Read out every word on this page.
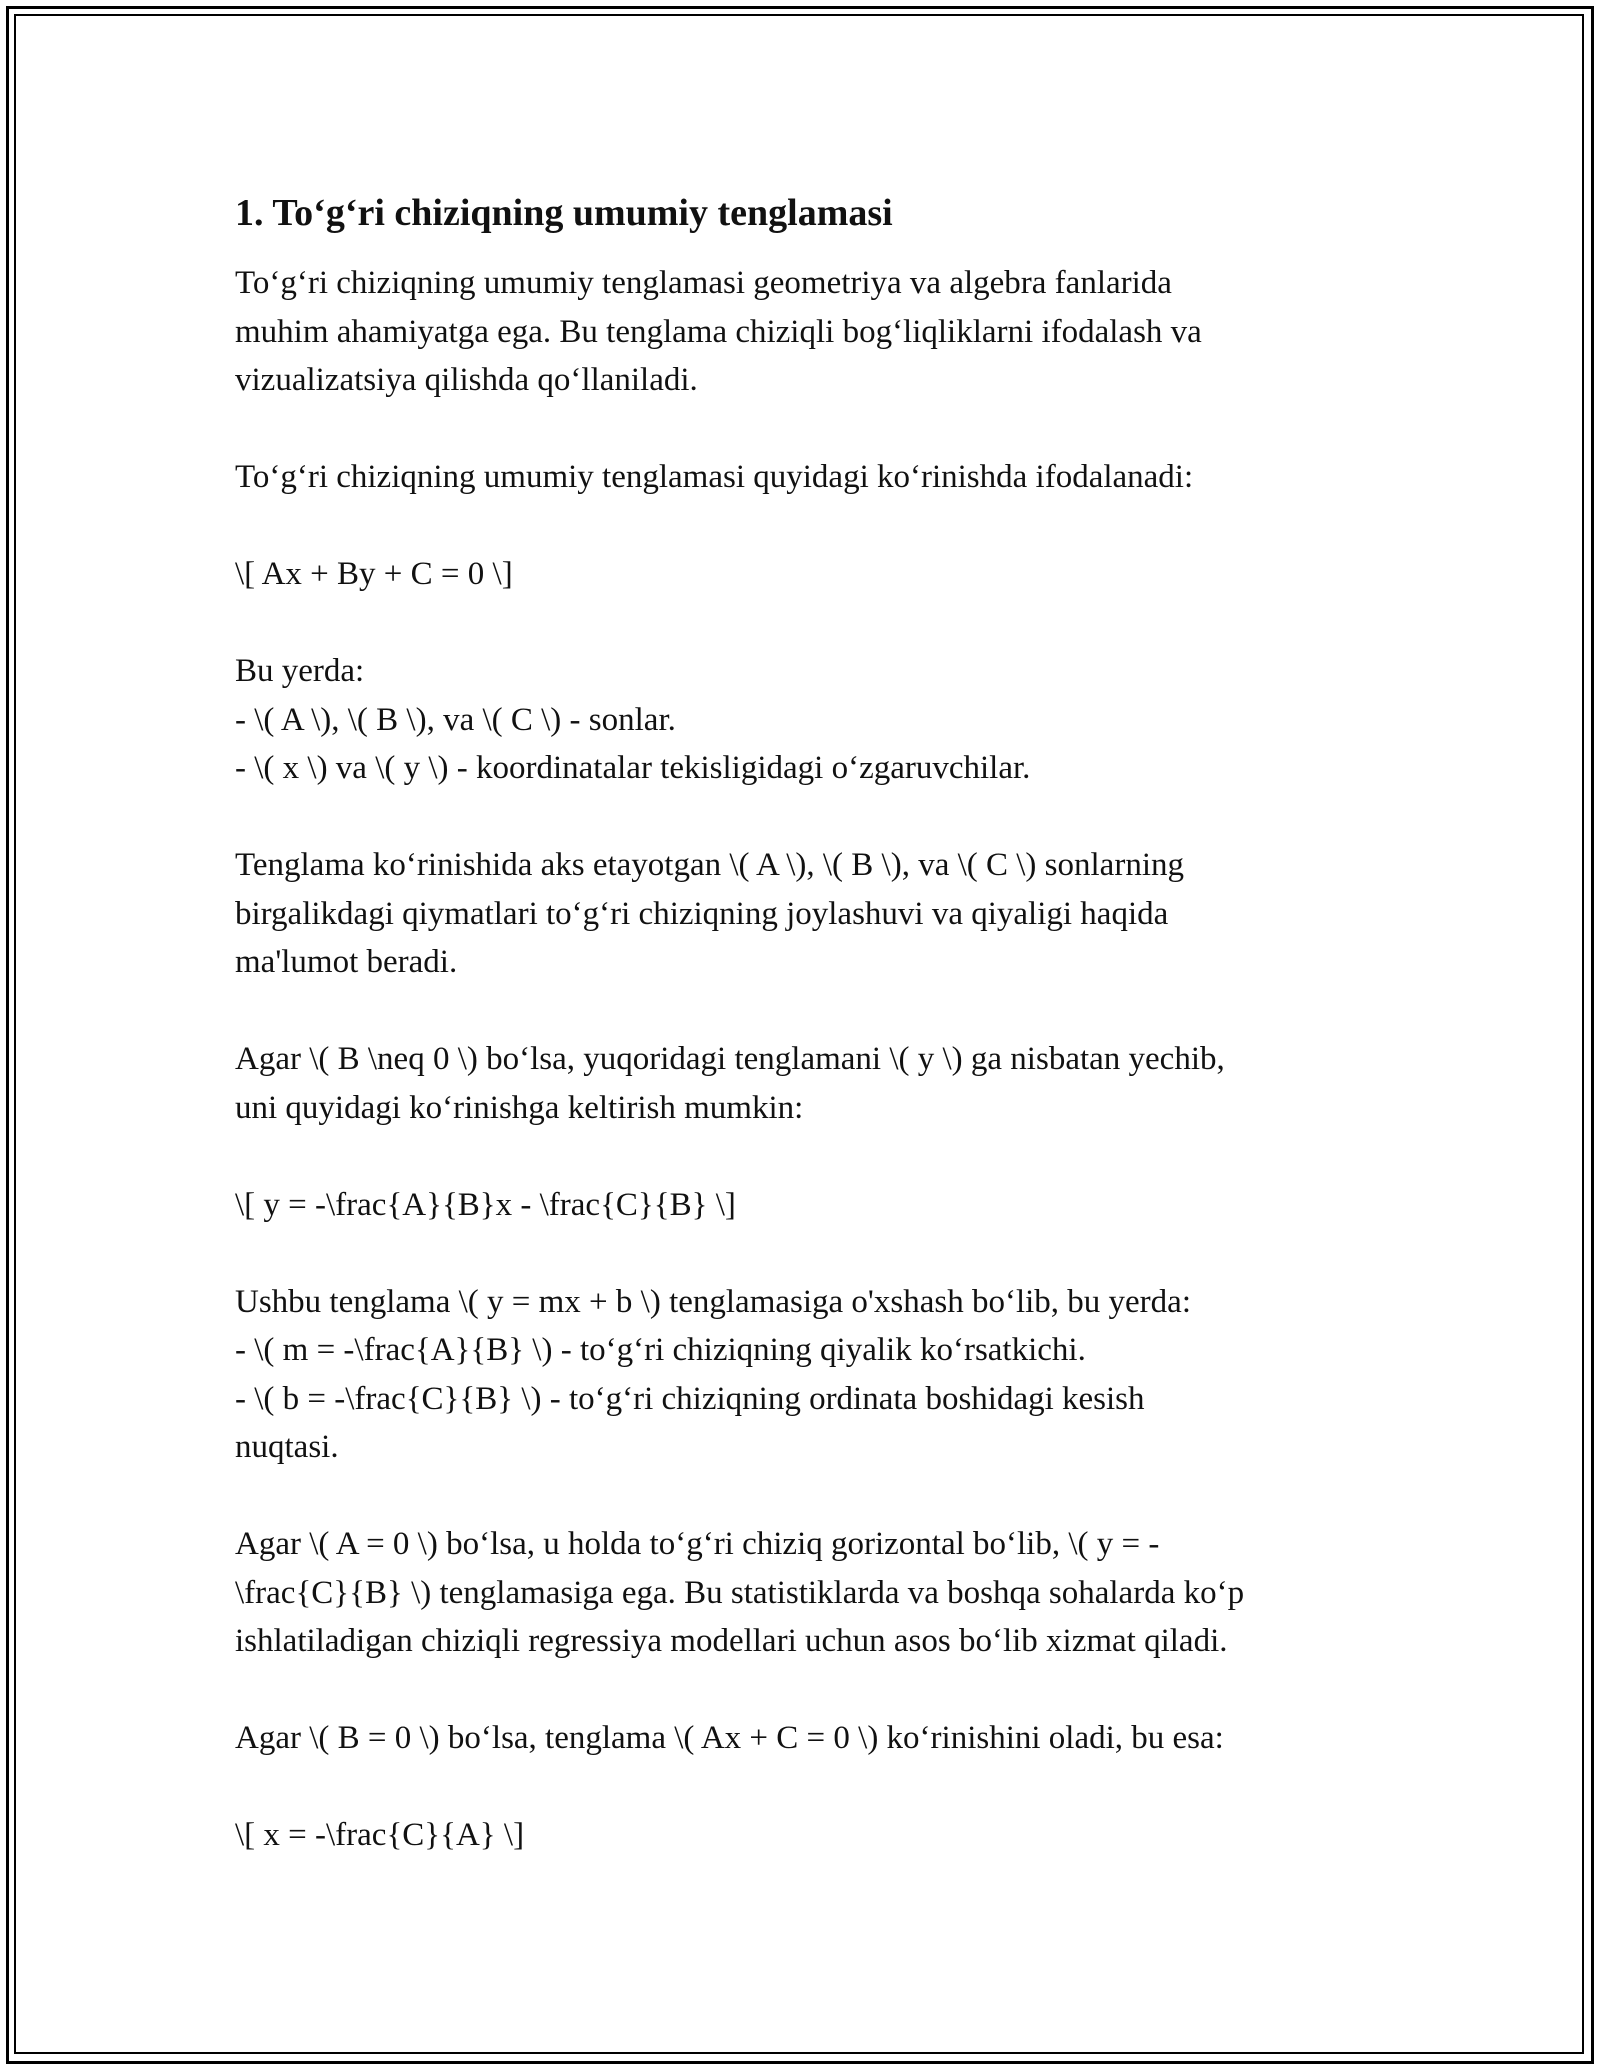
1. To‘g‘ri chiziqning umumiy tenglamasi
To‘g‘ri chiziqning umumiy tenglamasi geometriya va algebra fanlarida
muhim ahamiyatga ega. Bu tenglama chiziqli bog‘liqliklarni ifodalash va
vizualizatsiya qilishda qo‘llaniladi.
To‘g‘ri chiziqning umumiy tenglamasi quyidagi ko‘rinishda ifodalanadi:
\[ Ax + By + C = 0 \]
Bu yerda:
- \( A \), \( B \), va \( C \) - sonlar.
- \( x \) va \( y \) - koordinatalar tekisligidagi o‘zgaruvchilar.
Tenglama ko‘rinishida aks etayotgan \( A \), \( B \), va \( C \) sonlarning
birgalikdagi qiymatlari to‘g‘ri chiziqning joylashuvi va qiyaligi haqida
ma'lumot beradi.
Agar \( B \neq 0 \) bo‘lsa, yuqoridagi tenglamani \( y \) ga nisbatan yechib,
uni quyidagi ko‘rinishga keltirish mumkin:
\[ y = -\frac{A}{B}x - \frac{C}{B} \]
Ushbu tenglama \( y = mx + b \) tenglamasiga o'xshash bo‘lib, bu yerda:
- \( m = -\frac{A}{B} \) - to‘g‘ri chiziqning qiyalik ko‘rsatkichi.
- \( b = -\frac{C}{B} \) - to‘g‘ri chiziqning ordinata boshidagi kesish
nuqtasi.
Agar \( A = 0 \) bo‘lsa, u holda to‘g‘ri chiziq gorizontal bo‘lib, \( y = -
\frac{C}{B} \) tenglamasiga ega. Bu statistiklarda va boshqa sohalarda ko‘p
ishlatiladigan chiziqli regressiya modellari uchun asos bo‘lib xizmat qiladi.
Agar \( B = 0 \) bo‘lsa, tenglama \( Ax + C = 0 \) ko‘rinishini oladi, bu esa:
\[ x = -\frac{C}{A} \]
